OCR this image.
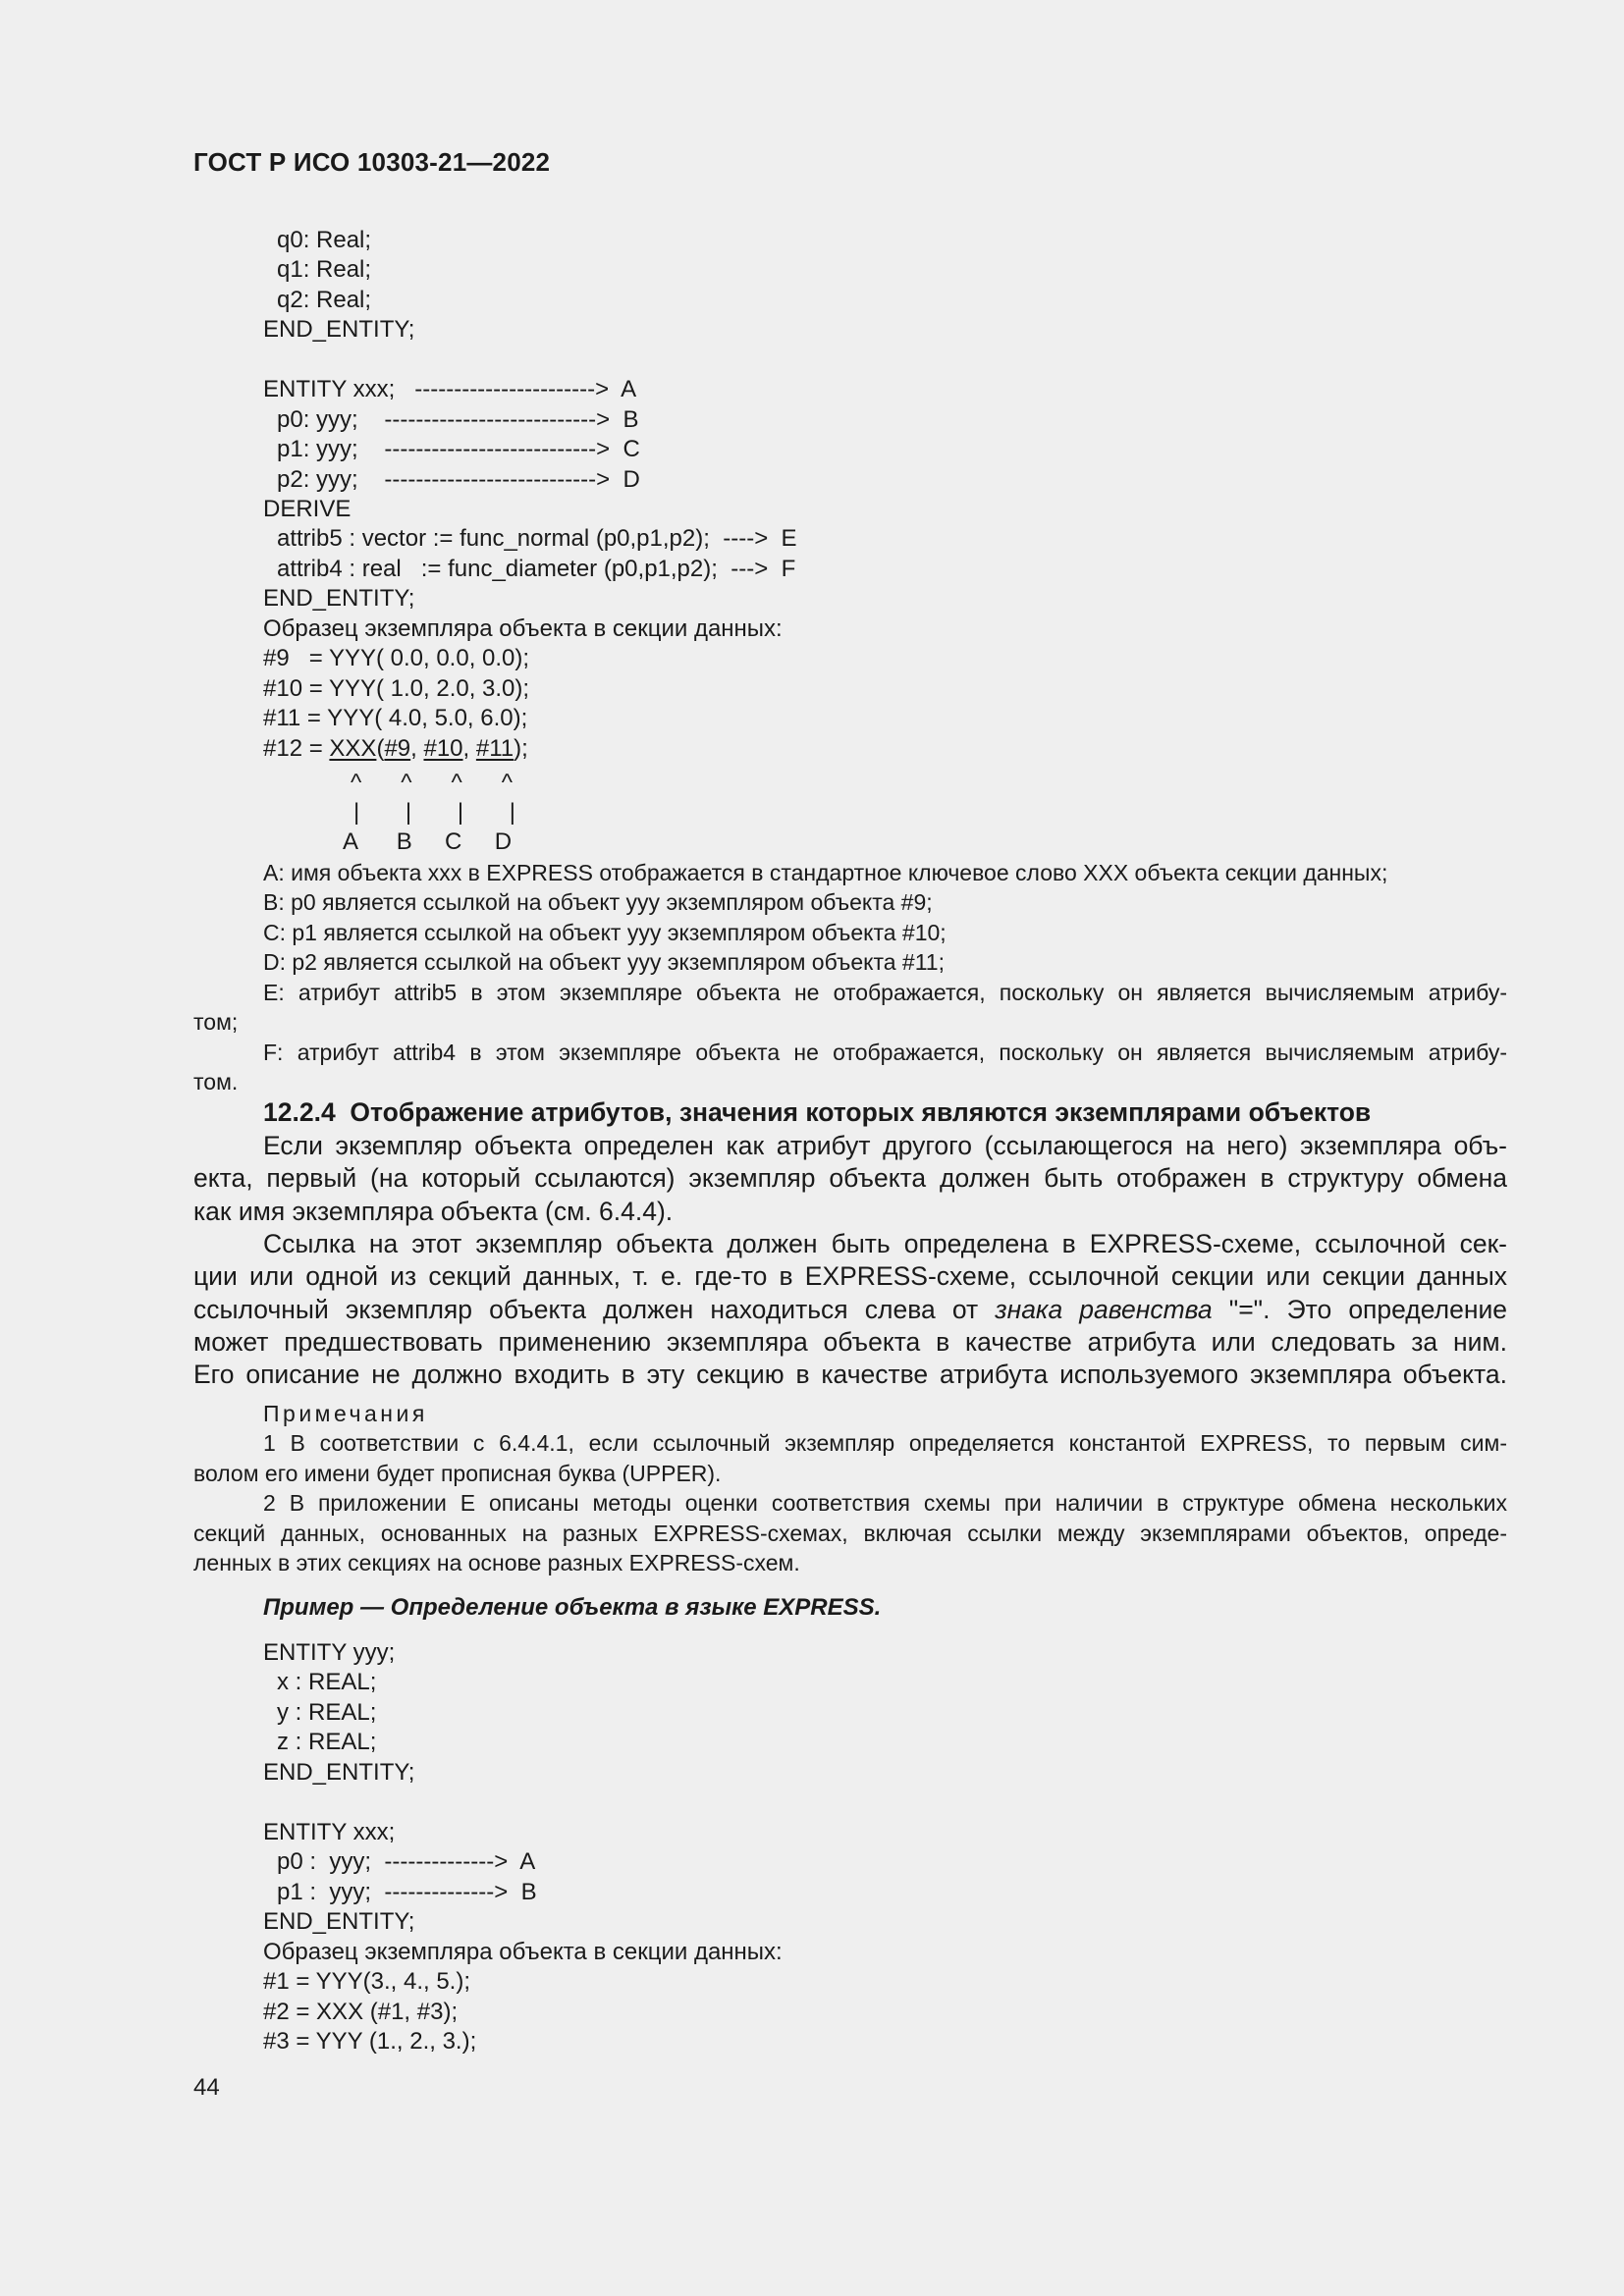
ГОСТ Р ИСО 10303-21—2022
q0: Real;
q1: Real;
q2: Real;
END_ENTITY;
ENTITY xxx;   ----------------------->  A
p0: yyy;    --------------------------->  B
p1: yyy;    --------------------------->  C
p2: yyy;    --------------------------->  D
DERIVE
attrib5 : vector := func_normal (p0,p1,p2);  ---->  E
attrib4 : real   := func_diameter (p0,p1,p2);  --->  F
END_ENTITY;
Образец экземпляра объекта в секции данных:
#9   = YYY( 0.0, 0.0, 0.0);
#10 = YYY( 1.0, 2.0, 3.0);
#11 = YYY( 4.0, 5.0, 6.0);
#12 = XXX(#9, #10, #11);
^      ^      ^      ^
|       |       |       |
A      B     C     D
A: имя объекта xxx в EXPRESS отображается в стандартное ключевое слово XXX объекта секции данных;
B: p0 является ссылкой на объект yyy экземпляром объекта #9;
C: p1 является ссылкой на объект yyy экземпляром объекта #10;
D: p2 является ссылкой на объект yyy экземпляром объекта #11;
E: атрибут attrib5 в этом экземпляре объекта не отображается, поскольку он является вычисляемым атрибу-
том;
F: атрибут attrib4 в этом экземпляре объекта не отображается, поскольку он является вычисляемым атрибу-
том.
12.2.4 Отображение атрибутов, значения которых являются экземплярами объектов
Если экземпляр объекта определен как атрибут другого (ссылающегося на него) экземпляра объ-
екта, первый (на который ссылаются) экземпляр объекта должен быть отображен в структуру обмена
как имя экземпляра объекта (см. 6.4.4).
Ссылка на этот экземпляр объекта должен быть определена в EXPRESS-схеме, ссылочной сек-
ции или одной из секций данных, т. е. где-то в EXPRESS-схеме, ссылочной секции или секции данных
ссылочный экземпляр объекта должен находиться слева от знака равенства "=". Это определение
может предшествовать применению экземпляра объекта в качестве атрибута или следовать за ним.
Его описание не должно входить в эту секцию в качестве атрибута используемого экземпляра объекта.
Примечания
1 В соответствии с 6.4.4.1, если ссылочный экземпляр определяется константой EXPRESS, то первым сим-
волом его имени будет прописная буква (UPPER).
2 В приложении Е описаны методы оценки соответствия схемы при наличии в структуре обмена нескольких
секций данных, основанных на разных EXPRESS-схемах, включая ссылки между экземплярами объектов, опреде-
ленных в этих секциях на основе разных EXPRESS-схем.
Пример — Определение объекта в языке EXPRESS.
ENTITY yyy;
x : REAL;
y : REAL;
z : REAL;
END_ENTITY;
ENTITY xxx;
p0 :  yyy;  -------------->  A
p1 :  yyy;  -------------->  B
END_ENTITY;
Образец экземпляра объекта в секции данных:
#1 = YYY(3., 4., 5.);
#2 = XXX (#1, #3);
#3 = YYY (1., 2., 3.);
44
